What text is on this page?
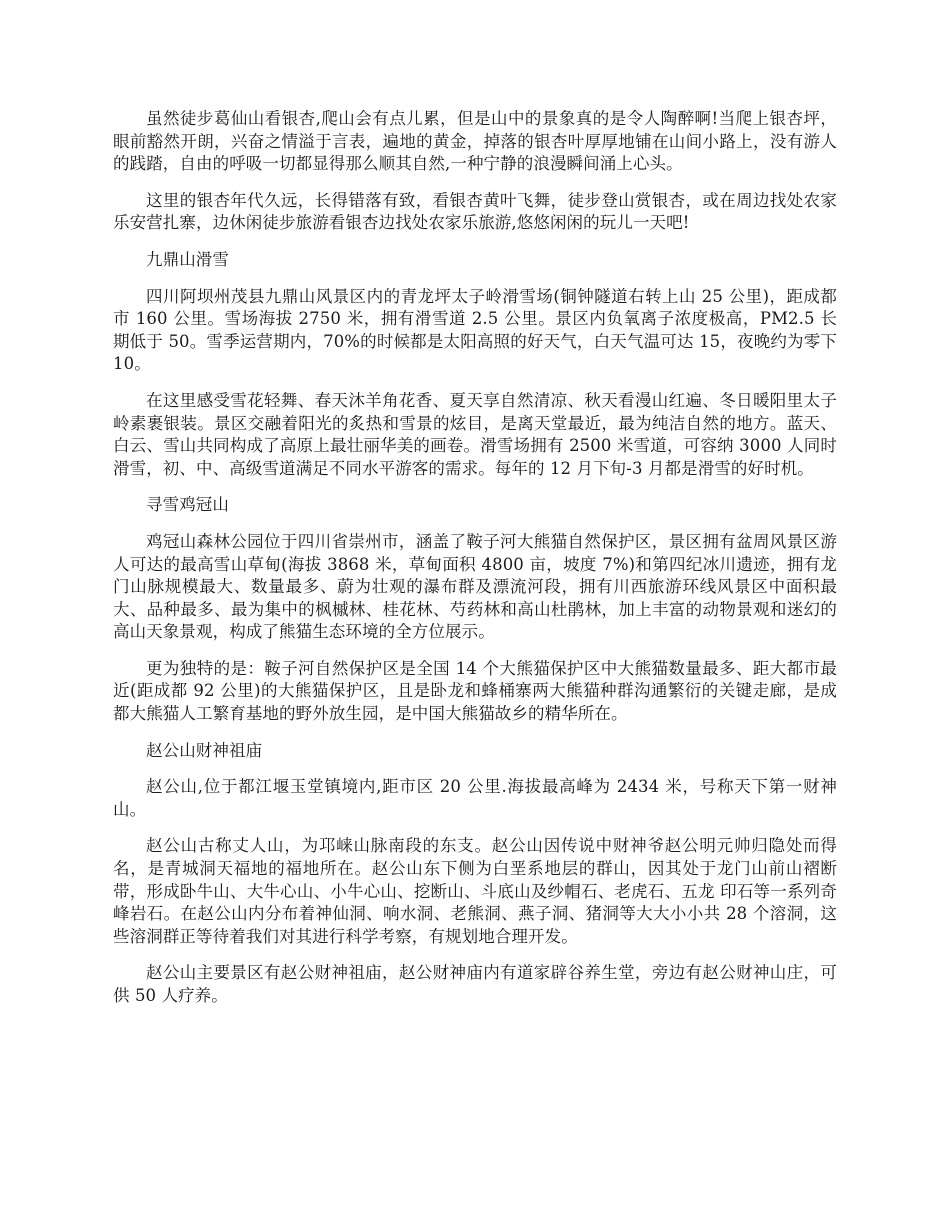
虽然徒步葛仙山看银杏,爬山会有点儿累，但是山中的景象真的是令人陶醉啊!当爬上银杏坪，眼前豁然开朗，兴奋之情溢于言表，遍地的黄金，掉落的银杏叶厚厚地铺在山间小路上，没有游人的践踏，自由的呼吸一切都显得那么顺其自然,一种宁静的浪漫瞬间涌上心头。

这里的银杏年代久远，长得错落有致，看银杏黄叶飞舞，徒步登山赏银杏，或在周边找处农家乐安营扎寨，边休闲徒步旅游看银杏边找处农家乐旅游,悠悠闲闲的玩儿一天吧!

九鼎山滑雪

四川阿坝州茂县九鼎山风景区内的青龙坪太子岭滑雪场(铜钟隧道右转上山 25 公里)，距成都市 160 公里。雪场海拔 2750 米，拥有滑雪道 2.5 公里。景区内负氧离子浓度极高，PM2.5 长期低于 50。雪季运营期内，70%的时候都是太阳高照的好天气，白天气温可达 15，夜晚约为零下 10。

在这里感受雪花轻舞、春天沐羊角花香、夏天享自然清凉、秋天看漫山红遍、冬日暖阳里太子岭素裹银装。景区交融着阳光的炙热和雪景的炫目，是离天堂最近，最为纯洁自然的地方。蓝天、白云、雪山共同构成了高原上最壮丽华美的画卷。滑雪场拥有 2500 米雪道，可容纳 3000 人同时滑雪，初、中、高级雪道满足不同水平游客的需求。每年的 12 月下旬-3 月都是滑雪的好时机。

寻雪鸡冠山

鸡冠山森林公园位于四川省崇州市，涵盖了鞍子河大熊猫自然保护区，景区拥有盆周风景区游人可达的最高雪山草甸(海拔 3868 米，草甸面积 4800 亩，坡度 7%)和第四纪冰川遗迹，拥有龙门山脉规模最大、数量最多、蔚为壮观的瀑布群及漂流河段，拥有川西旅游环线风景区中面积最大、品种最多、最为集中的枫槭林、桂花林、芍药林和高山杜鹃林，加上丰富的动物景观和迷幻的高山天象景观，构成了熊猫生态环境的全方位展示。

更为独特的是：鞍子河自然保护区是全国 14 个大熊猫保护区中大熊猫数量最多、距大都市最近(距成都 92 公里)的大熊猫保护区，且是卧龙和蜂桶寨两大熊猫种群沟通繁衍的关键走廊，是成都大熊猫人工繁育基地的野外放生园，是中国大熊猫故乡的精华所在。

赵公山财神祖庙

赵公山,位于都江堰玉堂镇境内,距市区 20 公里.海拔最高峰为 2434 米，号称天下第一财神山。

赵公山古称丈人山，为邛崃山脉南段的东支。赵公山因传说中财神爷赵公明元帅归隐处而得名，是青城洞天福地的福地所在。赵公山东下侧为白垩系地层的群山，因其处于龙门山前山褶断带，形成卧牛山、大牛心山、小牛心山、挖断山、斗底山及纱帽石、老虎石、五龙 印石等一系列奇峰岩石。在赵公山内分布着神仙洞、响水洞、老熊洞、燕子洞、猪洞等大大小小共 28 个溶洞，这些溶洞群正等待着我们对其进行科学考察，有规划地合理开发。

赵公山主要景区有赵公财神祖庙，赵公财神庙内有道家辟谷养生堂，旁边有赵公财神山庄，可供 50 人疗养。
